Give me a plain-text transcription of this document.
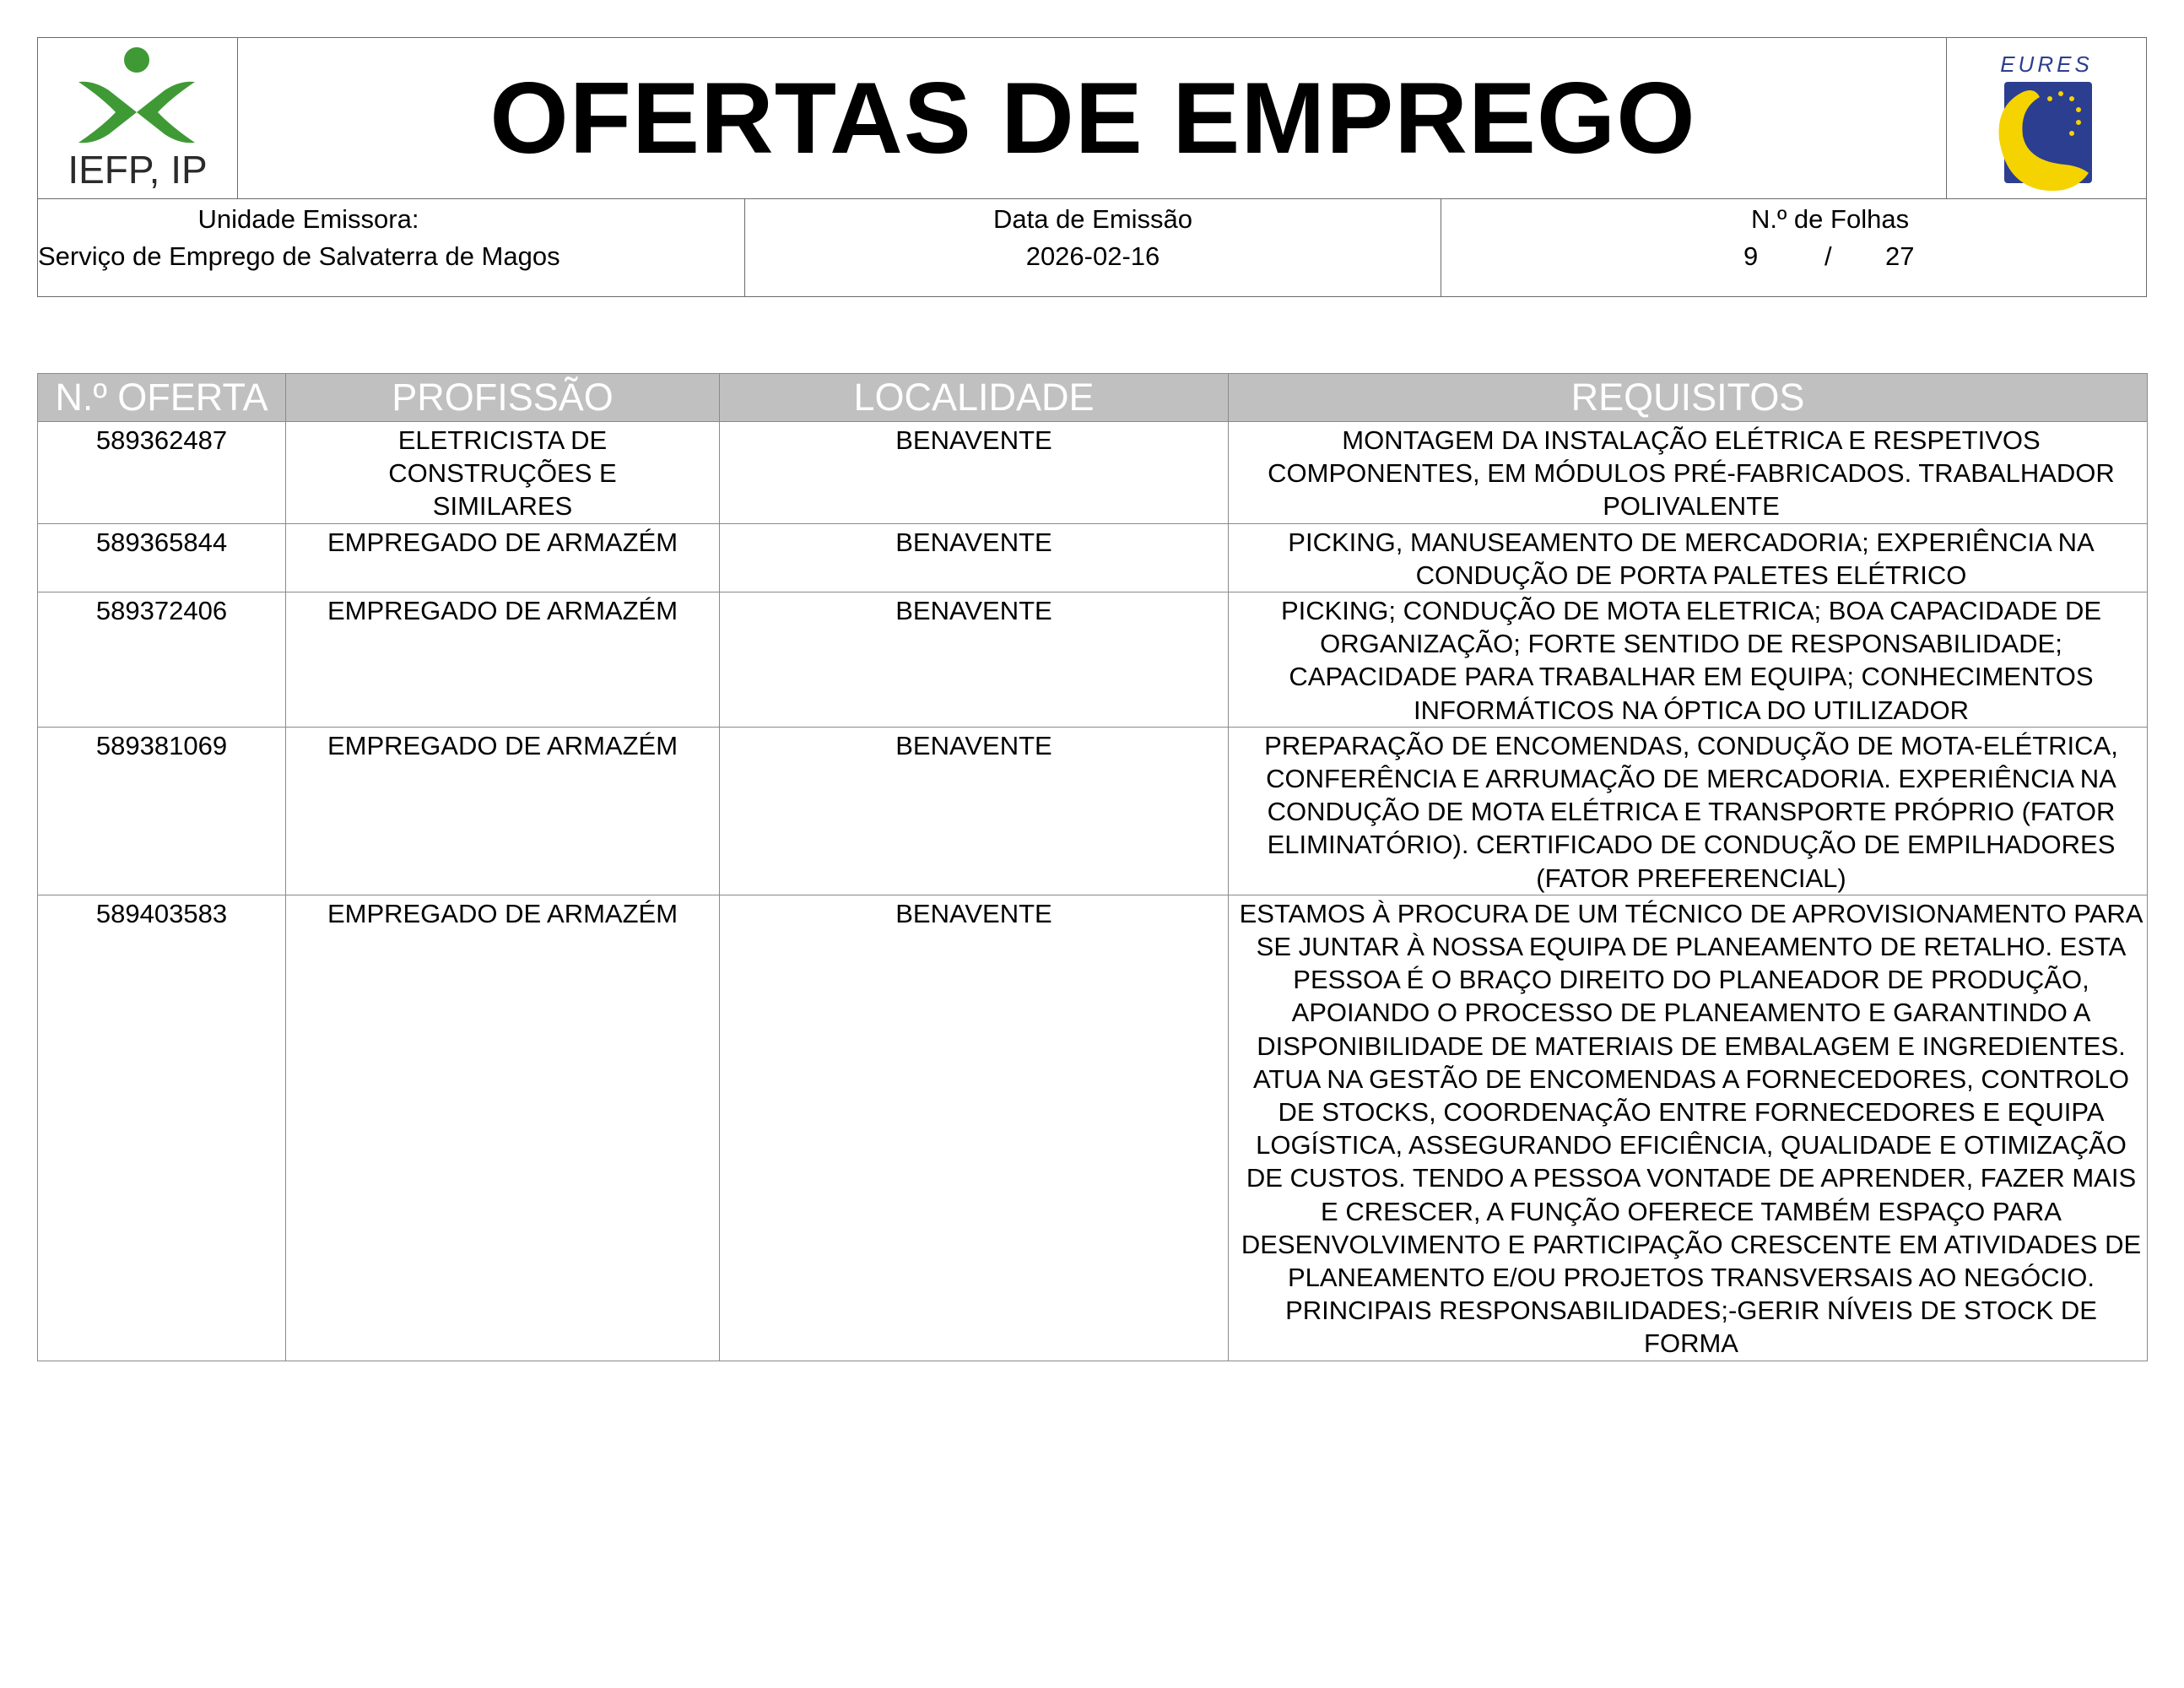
IEFP, IP	OFERTAS DE EMPREGO	EURES
Unidade Emissora:
Serviço de Emprego de Salvaterra de Magos
Data de Emissão
2026-02-16
N.º de Folhas
9	/ 27
N.º OFERTA	PROFISSÃO	LOCALIDADE	REQUISITOS
589362487	ELETRICISTA DE CONSTRUÇÕES E SIMILARES	BENAVENTE	MONTAGEM DA INSTALAÇÃO ELÉTRICA E RESPETIVOS COMPONENTES, EM MÓDULOS PRÉ-FABRICADOS. TRABALHADOR POLIVALENTE
589365844	EMPREGADO DE ARMAZÉM	BENAVENTE	PICKING, MANUSEAMENTO DE MERCADORIA; EXPERIÊNCIA NA CONDUÇÃO DE PORTA PALETES ELÉTRICO
589372406	EMPREGADO DE ARMAZÉM	BENAVENTE	PICKING; CONDUÇÃO DE MOTA ELETRICA; BOA CAPACIDADE DE ORGANIZAÇÃO; FORTE SENTIDO DE RESPONSABILIDADE; CAPACIDADE PARA TRABALHAR EM EQUIPA; CONHECIMENTOS INFORMÁTICOS NA ÓPTICA DO UTILIZADOR
589381069	EMPREGADO DE ARMAZÉM	BENAVENTE	PREPARAÇÃO DE ENCOMENDAS, CONDUÇÃO DE MOTA-ELÉTRICA, CONFERÊNCIA E ARRUMAÇÃO DE MERCADORIA. EXPERIÊNCIA NA CONDUÇÃO DE MOTA ELÉTRICA E TRANSPORTE PRÓPRIO (FATOR ELIMINATÓRIO). CERTIFICADO DE CONDUÇÃO DE EMPILHADORES (FATOR PREFERENCIAL)
589403583	EMPREGADO DE ARMAZÉM	BENAVENTE	ESTAMOS À PROCURA DE UM TÉCNICO DE APROVISIONAMENTO PARA SE JUNTAR À NOSSA EQUIPA DE PLANEAMENTO DE RETALHO. ESTA PESSOA É O BRAÇO DIREITO DO PLANEADOR DE PRODUÇÃO, APOIANDO O PROCESSO DE PLANEAMENTO E GARANTINDO A DISPONIBILIDADE DE MATERIAIS DE EMBALAGEM E INGREDIENTES. ATUA NA GESTÃO DE ENCOMENDAS A FORNECEDORES, CONTROLO DE STOCKS, COORDENAÇÃO ENTRE FORNECEDORES E EQUIPA LOGÍSTICA, ASSEGURANDO EFICIÊNCIA, QUALIDADE E OTIMIZAÇÃO DE CUSTOS. TENDO A PESSOA VONTADE DE APRENDER, FAZER MAIS E CRESCER, A FUNÇÃO OFERECE TAMBÉM ESPAÇO PARA DESENVOLVIMENTO E PARTICIPAÇÃO CRESCENTE EM ATIVIDADES DE PLANEAMENTO E/OU PROJETOS TRANSVERSAIS AO NEGÓCIO. PRINCIPAIS RESPONSABILIDADES;-GERIR NÍVEIS DE STOCK DE FORMA
